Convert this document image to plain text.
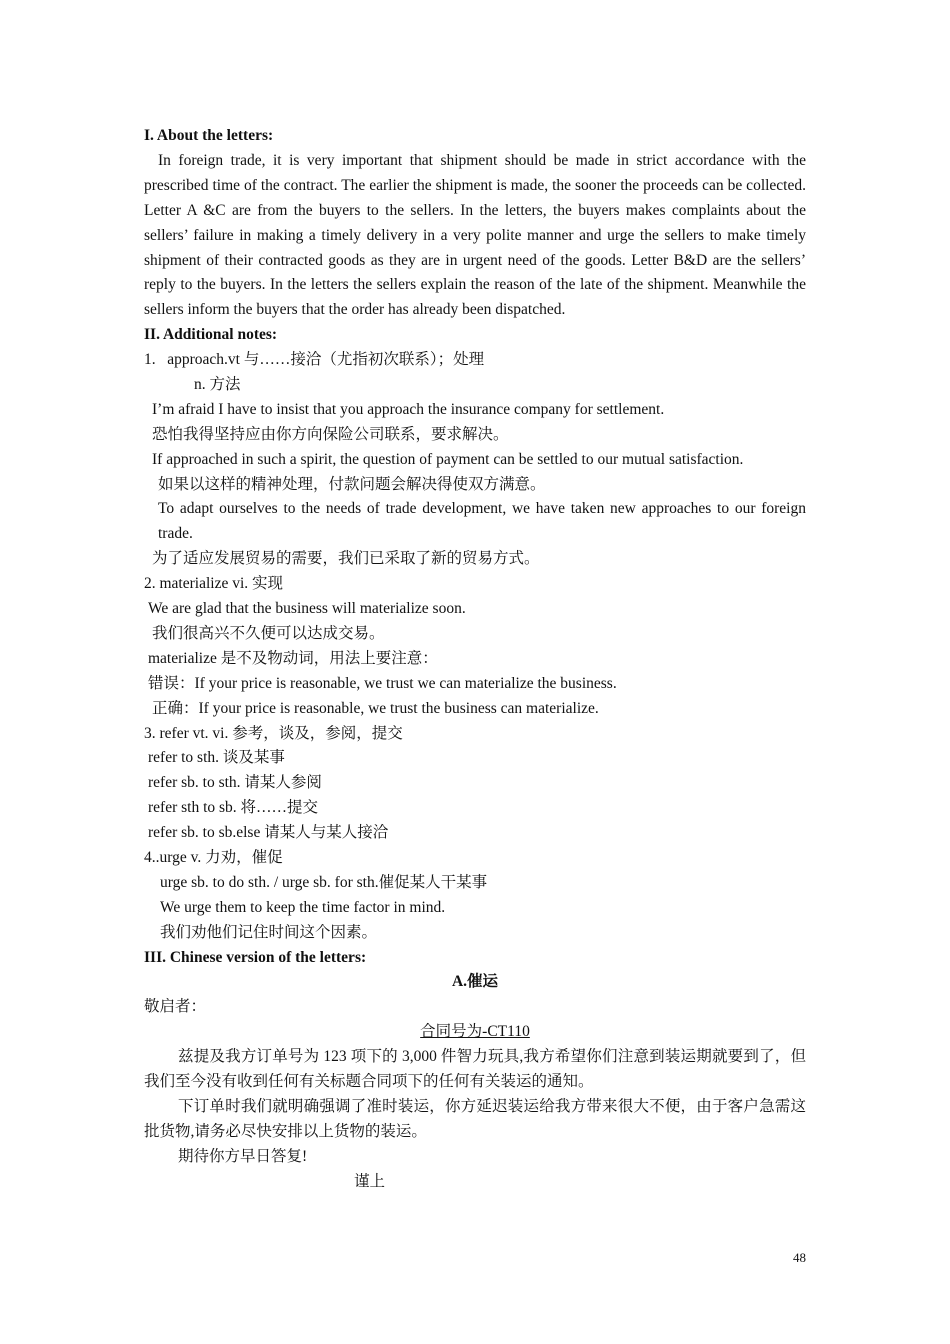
I. About the letters:
In foreign trade, it is very important that shipment should be made in strict accordance with the prescribed time of the contract. The earlier the shipment is made, the sooner the proceeds can be collected. Letter A &C are from the buyers to the sellers. In the letters, the buyers makes complaints about the sellers’ failure in making a timely delivery in a very polite manner and urge the sellers to make timely shipment of their contracted goods as they are in urgent need of the goods. Letter B&D are the sellers’ reply to the buyers. In the letters the sellers explain the reason of the late of the shipment. Meanwhile the sellers inform the buyers that the order has already been dispatched.
II. Additional notes:
1.   approach.vt 与……接洽（尤指初次联系）；处理
n. 方法
I’m afraid I have to insist that you approach the insurance company for settlement.
恐怕我得坚持应由你方向保险公司联系，要求解决。
If approached in such a spirit, the question of payment can be settled to our mutual satisfaction.
如果以这样的精神处理，付款问题会解决得使双方满意。
To adapt ourselves to the needs of trade development, we have taken new approaches to our foreign trade.
为了适应发展贸易的需要，我们已采取了新的贸易方式。
2. materialize vi. 实现
We are glad that the business will materialize soon.
我们很高兴不久便可以达成交易。
materialize 是不及物动词，用法上要注意：
错误：If your price is reasonable, we trust we can materialize the business.
正确：If your price is reasonable, we trust the business can materialize.
3. refer vt. vi. 参考，谈及，参阅，提交
refer to sth. 谈及某事
refer sb. to sth. 请某人参阅
refer sth to sb. 将……提交
refer sb. to sb.else 请某人与某人接洽
4..urge v. 力劝，催促
urge sb. to do sth. / urge sb. for sth.催促某人干某事
We urge them to keep the time factor in mind.
我们劝他们记住时间这个因素。
III. Chinese version of the letters:
A.催运
敬启者：
合同号为-CT110
兹提及我方订单号为 123 项下的 3,000 件智力玩具,我方希望你们注意到装运期就要到了，但我们至今没有收到任何有关标题合同项下的任何有关装运的通知。
下订单时我们就明确强调了准时装运，你方延迟装运给我方带来很大不便，由于客户急需这批货物,请务必尽快安排以上货物的装运。
期待你方早日答复!
谨上
48
